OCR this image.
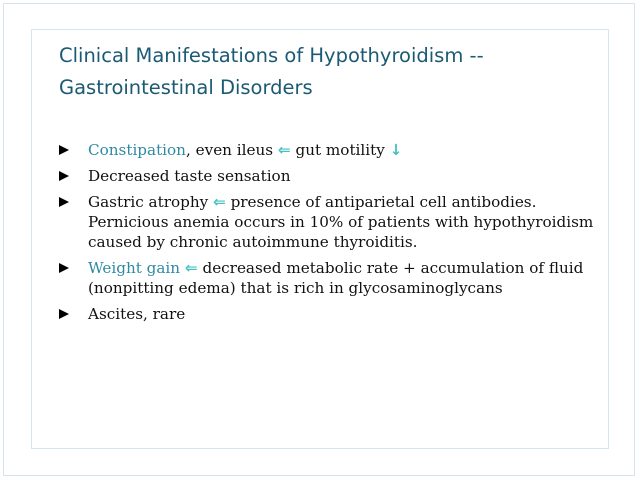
Clinical Manifestations of Hypothyroidism --
Gastrointestinal Disorders
Constipation, even ileus ⇐ gut motility ↓
Decreased taste sensation
Gastric atrophy ⇐ presence of antiparietal cell antibodies. Pernicious anemia occurs in 10% of patients with hypothyroidism caused by chronic autoimmune thyroiditis.
Weight gain ⇐ decreased metabolic rate + accumulation of fluid (nonpitting edema) that is rich in glycosaminoglycans
Ascites, rare
